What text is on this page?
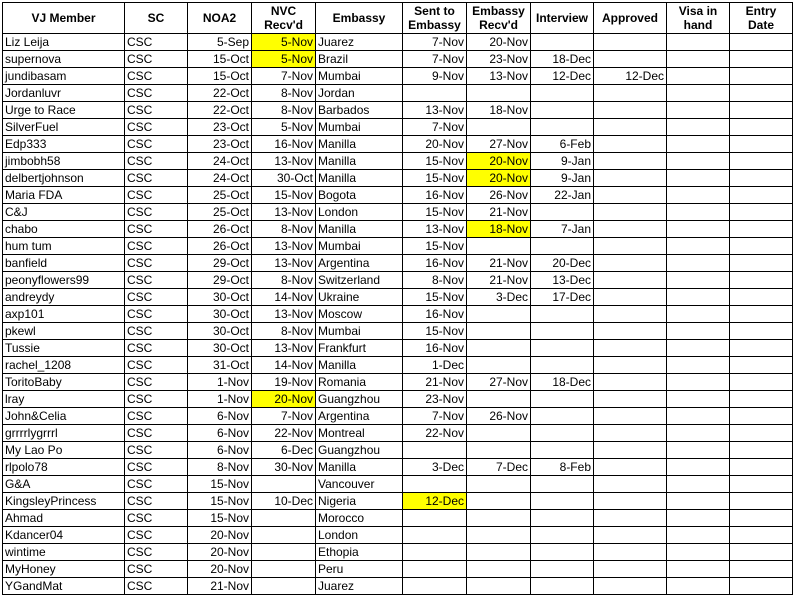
VJ Member	SC	NOA2	NVC Recv'd	Embassy	Sent to Embassy	Embassy Recv'd	Interview	Approved	Visa in hand	Entry Date
Liz Leija	CSC	5-Sep	5-Nov	Juarez	7-Nov	20-Nov				
supernova	CSC	15-Oct	5-Nov	Brazil	7-Nov	23-Nov	18-Dec			
jundibasam	CSC	15-Oct	7-Nov	Mumbai	9-Nov	13-Nov	12-Dec	12-Dec		
Jordanluvr	CSC	22-Oct	8-Nov	Jordan						
Urge to Race	CSC	22-Oct	8-Nov	Barbados	13-Nov	18-Nov				
SilverFuel	CSC	23-Oct	5-Nov	Mumbai	7-Nov					
Edp333	CSC	23-Oct	16-Nov	Manilla	20-Nov	27-Nov	6-Feb			
jimbobh58	CSC	24-Oct	13-Nov	Manilla	15-Nov	20-Nov	9-Jan			
delbertjohnson	CSC	24-Oct	30-Oct	Manilla	15-Nov	20-Nov	9-Jan			
Maria FDA	CSC	25-Oct	15-Nov	Bogota	16-Nov	26-Nov	22-Jan			
C&J	CSC	25-Oct	13-Nov	London	15-Nov	21-Nov				
chabo	CSC	26-Oct	8-Nov	Manilla	13-Nov	18-Nov	7-Jan			
hum tum	CSC	26-Oct	13-Nov	Mumbai	15-Nov					
banfield	CSC	29-Oct	13-Nov	Argentina	16-Nov	21-Nov	20-Dec			
peonyflowers99	CSC	29-Oct	8-Nov	Switzerland	8-Nov	21-Nov	13-Dec			
andreydy	CSC	30-Oct	14-Nov	Ukraine	15-Nov	3-Dec	17-Dec			
axp101	CSC	30-Oct	13-Nov	Moscow	16-Nov					
pkewl	CSC	30-Oct	8-Nov	Mumbai	15-Nov					
Tussie	CSC	30-Oct	13-Nov	Frankfurt	16-Nov					
rachel_1208	CSC	31-Oct	14-Nov	Manilla	1-Dec					
ToritoBaby	CSC	1-Nov	19-Nov	Romania	21-Nov	27-Nov	18-Dec			
lray	CSC	1-Nov	20-Nov	Guangzhou	23-Nov					
John&Celia	CSC	6-Nov	7-Nov	Argentina	7-Nov	26-Nov				
grrrrlygrrrl	CSC	6-Nov	22-Nov	Montreal	22-Nov					
My Lao Po	CSC	6-Nov	6-Dec	Guangzhou						
rlpolo78	CSC	8-Nov	30-Nov	Manilla	3-Dec	7-Dec	8-Feb			
G&A	CSC	15-Nov		Vancouver						
KingsleyPrincess	CSC	15-Nov	10-Dec	Nigeria	12-Dec					
Ahmad	CSC	15-Nov		Morocco						
Kdancer04	CSC	20-Nov		London						
wintime	CSC	20-Nov		Ethopia						
MyHoney	CSC	20-Nov		Peru						
YGandMat	CSC	21-Nov		Juarez						
